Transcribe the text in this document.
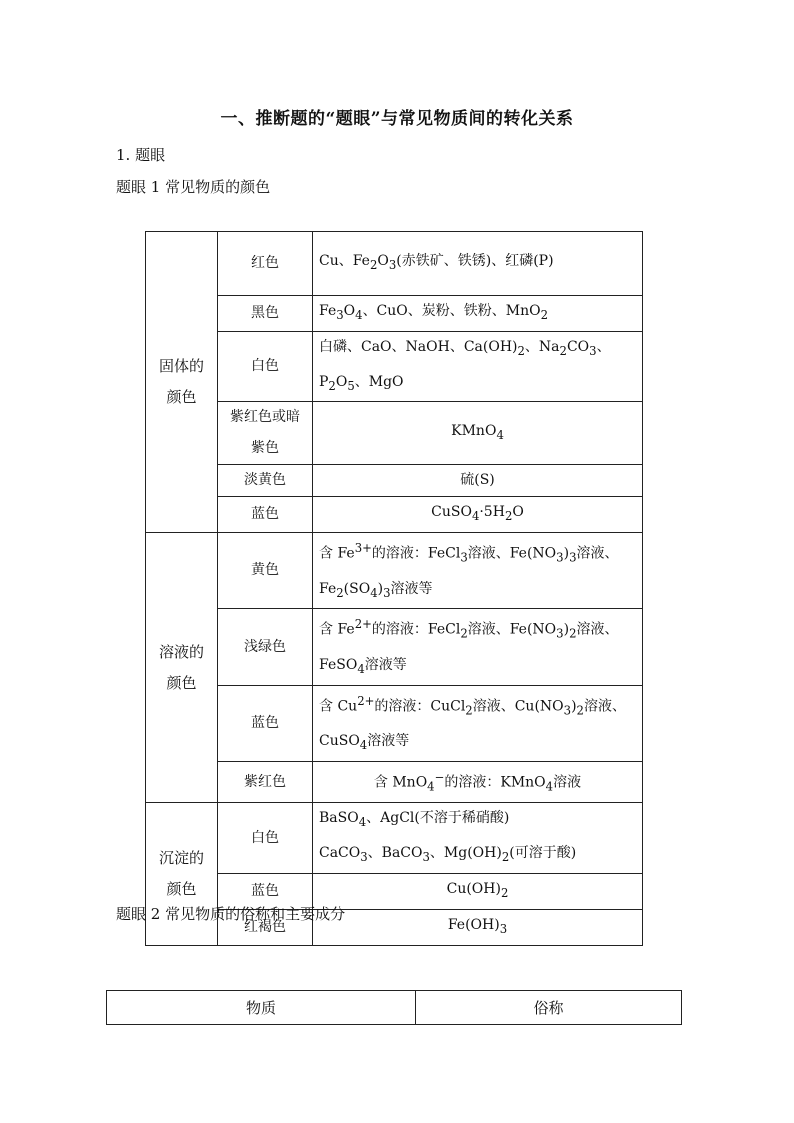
一、推断题的“题眼”与常见物质间的转化关系
1. 题眼
题眼 1 常见物质的颜色
固体的颜色	红色	Cu、$Fe_2O_3$(赤铁矿、铁锈)、红磷(P)
	黑色	$Fe_3O_4$、CuO、炭粉、铁粉、MnO$_2$
	白色	白磷、CaO、NaOH、$Ca(OH)_2$、$Na_2CO_3$、$P_2O_5$、MgO
	紫红色或暗紫色	KMnO$_4$
	淡黄色	硫(S)
	蓝色	$CuSO_4\cdot 5H_2O$
溶液的颜色	黄色	含 $Fe^{3+}$的溶液：FeCl$_3$溶液、$Fe(NO_3)_3$溶液、$Fe_2(SO_4)_3$溶液等
	浅绿色	含 $Fe^{2+}$的溶液：FeCl$_2$溶液、$Fe(NO_3)_2$溶液、FeSO$_4$溶液等
	蓝色	含 $Cu^{2+}$的溶液：CuCl$_2$溶液、$Cu(NO_3)_2$溶液、CuSO$_4$溶液等
	紫红色	含 MnO$_4$−的溶液：KMnO$_4$溶液
沉淀的颜色	白色	BaSO$_4$、AgCl(不溶于稀硝酸)
CaCO$_3$、BaCO$_3$、$Mg(OH)_2$(可溶于酸)
	蓝色	$Cu(OH)_2$
	红褐色	$Fe(OH)_3$
题眼 2 常见物质的俗称和主要成分
物质	俗称
